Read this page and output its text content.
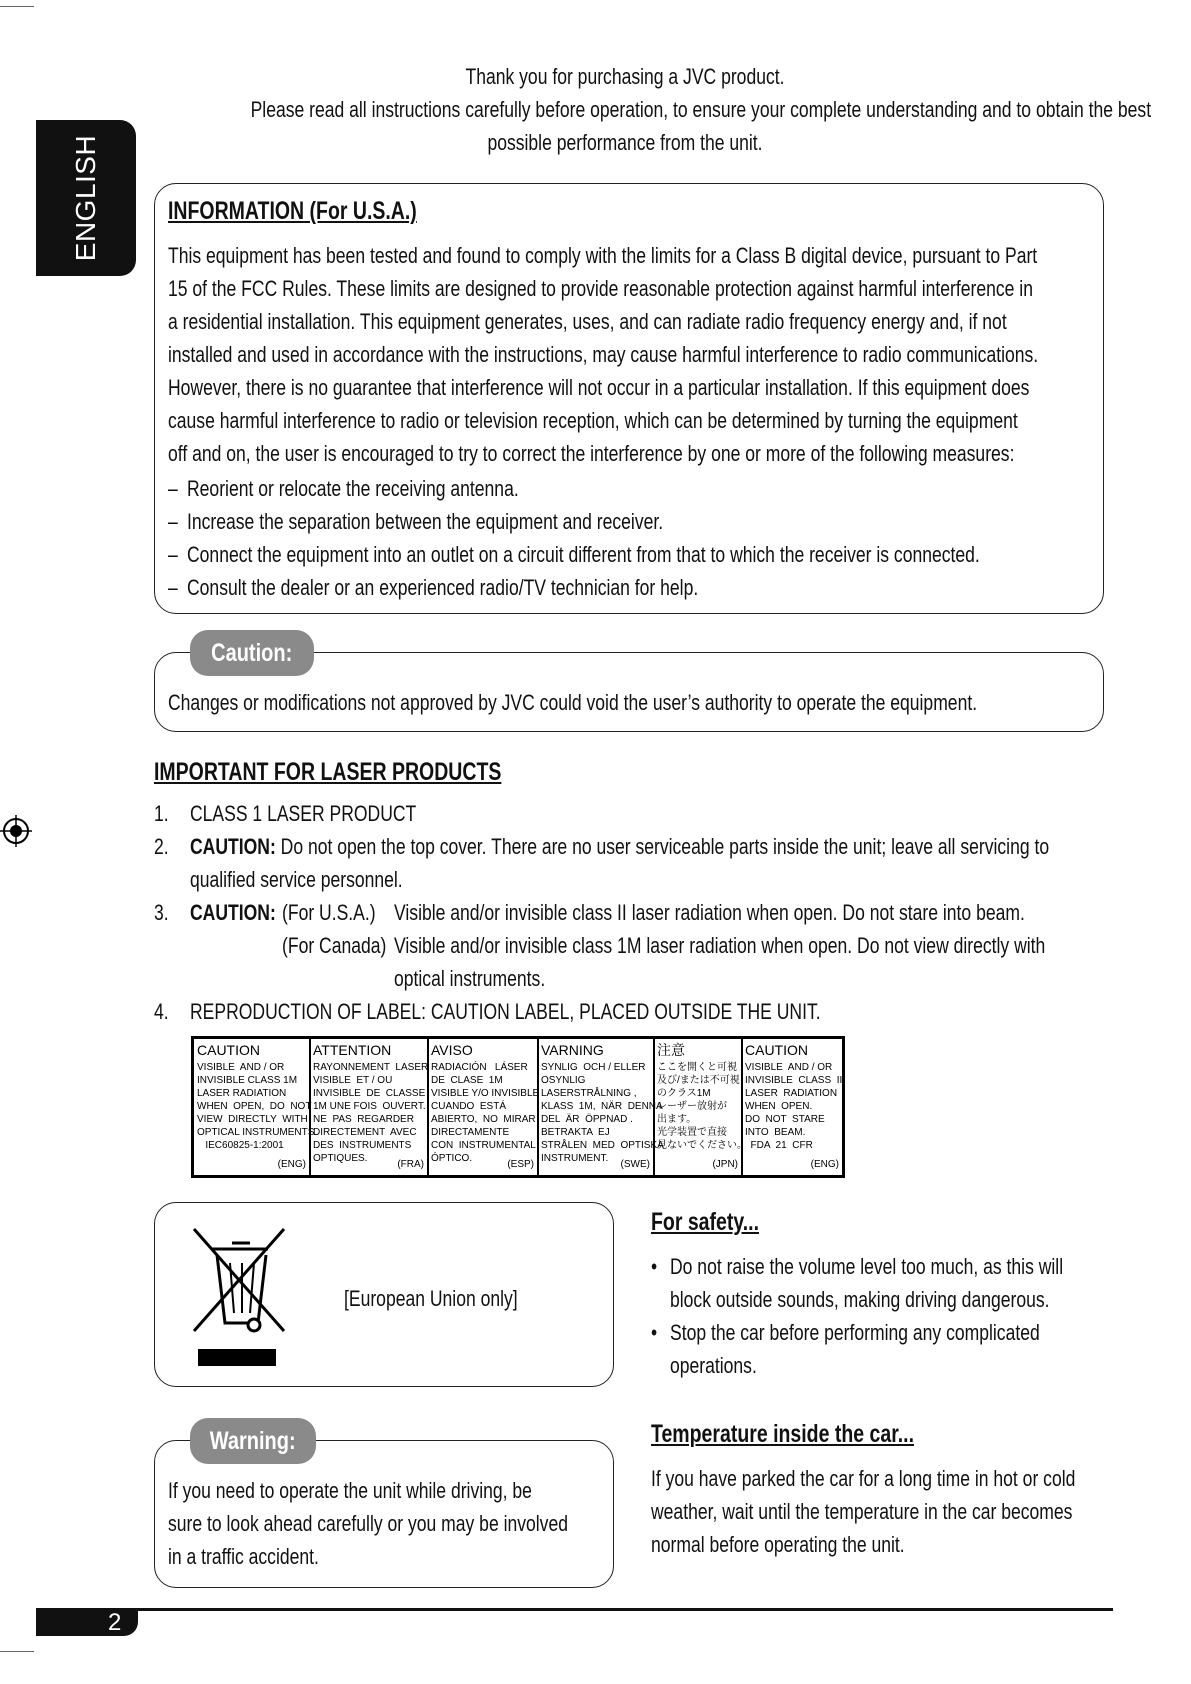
ENGLISH
Thank you for purchasing a JVC product.
Please read all instructions carefully before operation, to ensure your complete understanding and to obtain the best
possible performance from the unit.
INFORMATION (For U.S.A.)
This equipment has been tested and found to comply with the limits for a Class B digital device, pursuant to Part
15 of the FCC Rules. These limits are designed to provide reasonable protection against harmful interference in
a residential installation. This equipment generates, uses, and can radiate radio frequency energy and, if not
installed and used in accordance with the instructions, may cause harmful interference to radio communications.
However, there is no guarantee that interference will not occur in a particular installation. If this equipment does
cause harmful interference to radio or television reception, which can be determined by turning the equipment
off and on, the user is encouraged to try to correct the interference by one or more of the following measures:
– Reorient or relocate the receiving antenna.
– Increase the separation between the equipment and receiver.
– Connect the equipment into an outlet on a circuit different from that to which the receiver is connected.
– Consult the dealer or an experienced radio/TV technician for help.
Caution:
Changes or modifications not approved by JVC could void the user’s authority to operate the equipment.
IMPORTANT FOR LASER PRODUCTS
1. CLASS 1 LASER PRODUCT
2. CAUTION: Do not open the top cover. There are no user serviceable parts inside the unit; leave all servicing to
qualified service personnel.
3. CAUTION: (For U.S.A.) Visible and/or invisible class II laser radiation when open. Do not stare into beam.
(For Canada) Visible and/or invisible class 1M laser radiation when open. Do not view directly with
optical instruments.
4. REPRODUCTION OF LABEL: CAUTION LABEL, PLACED OUTSIDE THE UNIT.
CAUTION
VISIBLE  AND / OR
INVISIBLE CLASS 1M
LASER RADIATION
WHEN  OPEN,  DO  NOT
VIEW  DIRECTLY  WITH
OPTICAL INSTRUMENTS.
IEC60825-1:2001
(ENG)
ATTENTION
RAYONNEMENT  LASER
VISIBLE  ET / OU
INVISIBLE  DE  CLASSE
1M UNE FOIS  OUVERT.
NE  PAS  REGARDER
DIRECTEMENT  AVEC
DES  INSTRUMENTS
OPTIQUES.
(FRA)
AVISO
RADIACIÓN   LÁSER
DE  CLASE  1M
VISIBLE Y/O INVISIBLE
CUANDO  ESTÁ
ABIERTO,  NO  MIRAR
DIRECTAMENTE
CON  INSTRUMENTAL
ÓPTICO.
(ESP)
VARNING
SYNLIG  OCH / ELLER
OSYNLIG
LASERSTRÅLNING ,
KLASS  1M,  NÄR  DENNA
DEL  ÄR  ÖPPNAD .
BETRAKTA  EJ
STRÅLEN  MED  OPTISKA
INSTRUMENT.
(SWE)
注意
ここを開くと可視
及び/または不可視
のクラス1M
レーザー放射が
出ます。
光学装置で直接
見ないでください。
(JPN)
CAUTION
VISIBLE  AND / OR
INVISIBLE  CLASS  II
LASER  RADIATION
WHEN  OPEN.
DO  NOT  STARE
INTO  BEAM.
FDA  21  CFR
(ENG)
[European Union only]
Warning:
If you need to operate the unit while driving, be
sure to look ahead carefully or you may be involved
in a traffic accident.
For safety...
• Do not raise the volume level too much, as this will
block outside sounds, making driving dangerous.
• Stop the car before performing any complicated
operations.
Temperature inside the car...
If you have parked the car for a long time in hot or cold
weather, wait until the temperature in the car becomes
normal before operating the unit.
2
